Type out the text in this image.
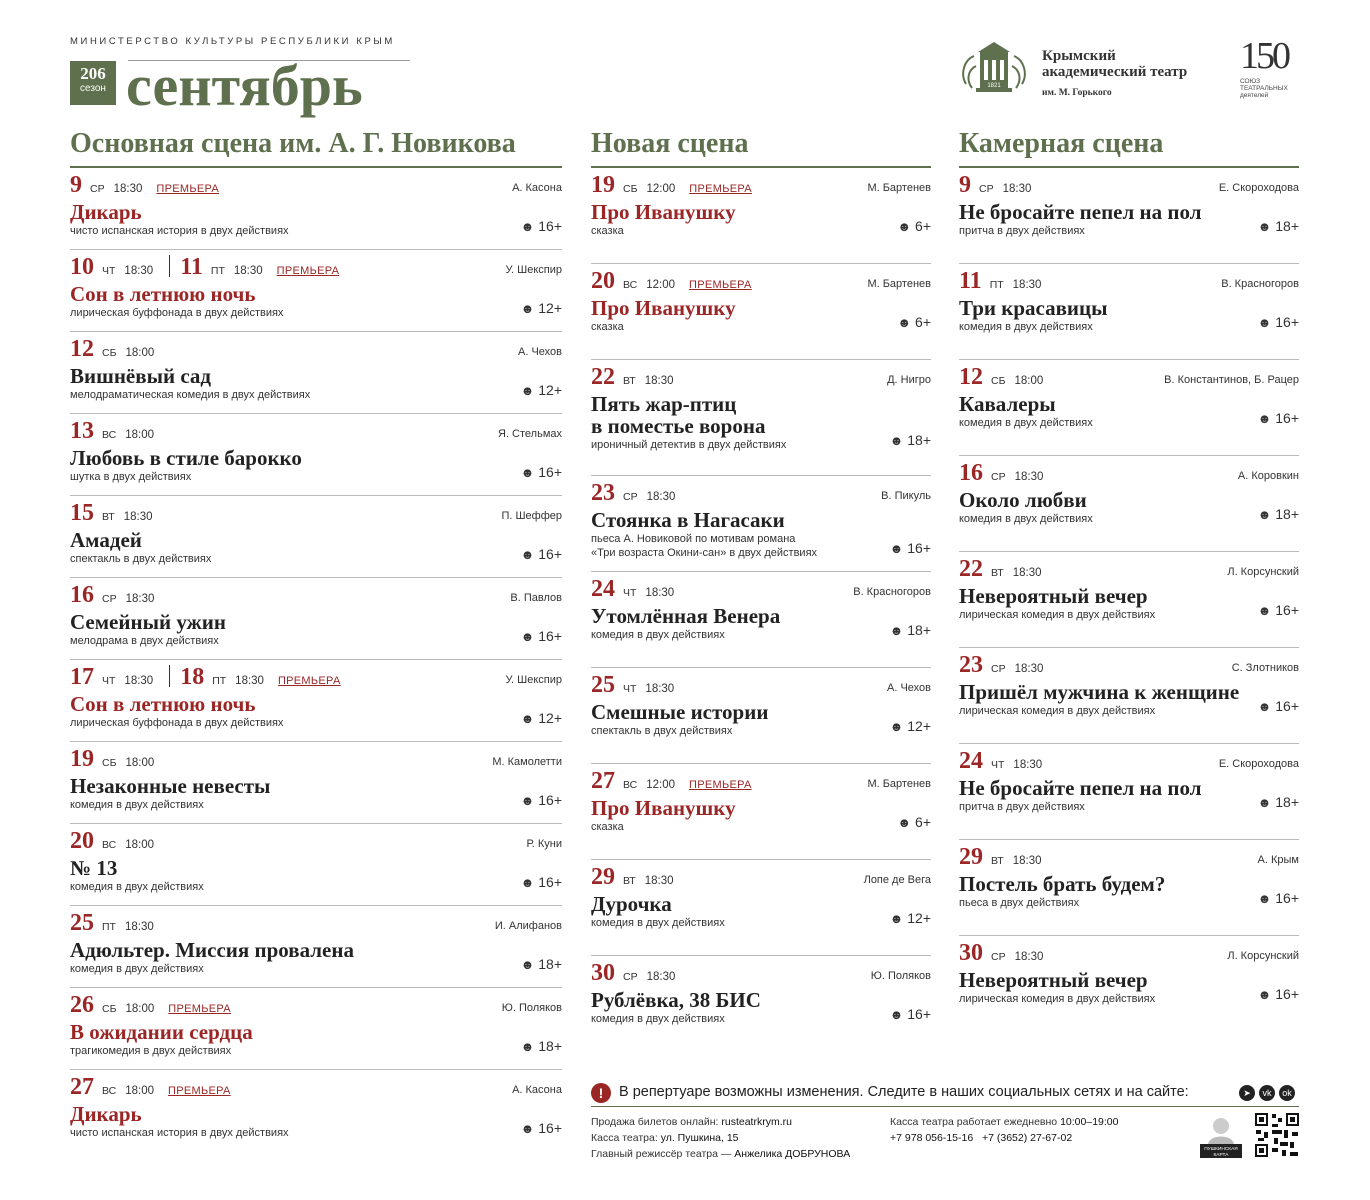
МИНИСТЕРСТВО КУЛЬТУРЫ РЕСПУБЛИКИ КРЫМ
206
сезон сентябрь	1821
Крымский
академический театр
им. М. Горького
150
СОЮЗ ТЕАТРАЛЬНЫХ деятелей
Основная сцена им. А. Г. Новикова
9 СР 18:30 ПРЕМЬЕРА	А. Касона
Дикарь
чисто испанская история в двух действиях	☻ 16+
10 ЧТ 18:30 11 ПТ 18:30 ПРЕМЬЕРА	У. Шекспир
Сон в летнюю ночь
лирическая буффонада в двух действиях	☻ 12+
12 СБ 18:00	А. Чехов
Вишнёвый сад
мелодраматическая комедия в двух действиях	☻ 12+
13 ВС 18:00	Я. Стельмах
Любовь в стиле барокко
шутка в двух действиях	☻ 16+
15 ВТ 18:30	П. Шеффер
Амадей
спектакль в двух действиях	☻ 16+
16 СР 18:30	В. Павлов
Семейный ужин
мелодрама в двух действиях	☻ 16+
17 ЧТ 18:30 18 ПТ 18:30 ПРЕМЬЕРА	У. Шекспир
Сон в летнюю ночь
лирическая буффонада в двух действиях	☻ 12+
19 СБ 18:00	М. Камолетти
Незаконные невесты
комедия в двух действиях	☻ 16+
20 ВС 18:00	Р. Куни
№ 13
комедия в двух действиях	☻ 16+
25 ПТ 18:30	И. Алифанов
Адюльтер. Миссия провалена
комедия в двух действиях	☻ 18+
26 СБ 18:00 ПРЕМЬЕРА	Ю. Поляков
В ожидании сердца
трагикомедия в двух действиях	☻ 18+
27 ВС 18:00 ПРЕМЬЕРА	А. Касона
Дикарь
чисто испанская история в двух действиях	☻ 16+
Новая сцена
19 СБ 12:00 ПРЕМЬЕРА	М. Бартенев
Про Иванушку
сказка	☻ 6+
20 ВС 12:00 ПРЕМЬЕРА	М. Бартенев
Про Иванушку
сказка	☻ 6+
22 ВТ 18:30	Д. Нигро
Пять жар-птиц
в поместье ворона
ироничный детектив в двух действиях	☻ 18+
23 СР 18:30	В. Пикуль
Стоянка в Нагасаки
пьеса А. Новиковой по мотивам романа
«Три возраста Окини-сан» в двух действиях	☻ 16+
24 ЧТ 18:30	В. Красногоров
Утомлённая Венера
комедия в двух действиях	☻ 18+
25 ЧТ 18:30	А. Чехов
Смешные истории
спектакль в двух действиях	☻ 12+
27 ВС 12:00 ПРЕМЬЕРА	М. Бартенев
Про Иванушку
сказка	☻ 6+
29 ВТ 18:30	Лопе де Вега
Дурочка
комедия в двух действиях	☻ 12+
30 СР 18:30	Ю. Поляков
Рублёвка, 38 БИС
комедия в двух действиях	☻ 16+
Камерная сцена
9 СР 18:30	Е. Скороходова
Не бросайте пепел на пол
притча в двух действиях	☻ 18+
11 ПТ 18:30	В. Красногоров
Три красавицы
комедия в двух действиях	☻ 16+
12 СБ 18:00	В. Константинов, Б. Рацер
Кавалеры
комедия в двух действиях	☻ 16+
16 СР 18:30	А. Коровкин
Около любви
комедия в двух действиях	☻ 18+
22 ВТ 18:30	Л. Корсунский
Невероятный вечер
лирическая комедия в двух действиях	☻ 16+
23 СР 18:30	С. Злотников
Пришёл мужчина к женщине
лирическая комедия в двух действиях	☻ 16+
24 ЧТ 18:30	Е. Скороходова
Не бросайте пепел на пол
притча в двух действиях	☻ 18+
29 ВТ 18:30	А. Крым
Постель брать будем?
пьеса в двух действиях	☻ 16+
30 СР 18:30	Л. Корсунский
Невероятный вечер
лирическая комедия в двух действиях	☻ 16+
!	В репертуаре возможны изменения. Следите в наших социальных сетях и на сайте:	➤	vk	ok
Продажа билетов онлайн: rusteatrkrym.ru
Касса театра: ул. Пушкина, 15
Главный режиссёр театра — Анжелика ДОБРУНОВА
Касса театра работает ежедневно 10:00–19:00
+7 978 056-15-16 +7 (3652) 27-67-02
ПУШКИНСКАЯ
КАРТА
